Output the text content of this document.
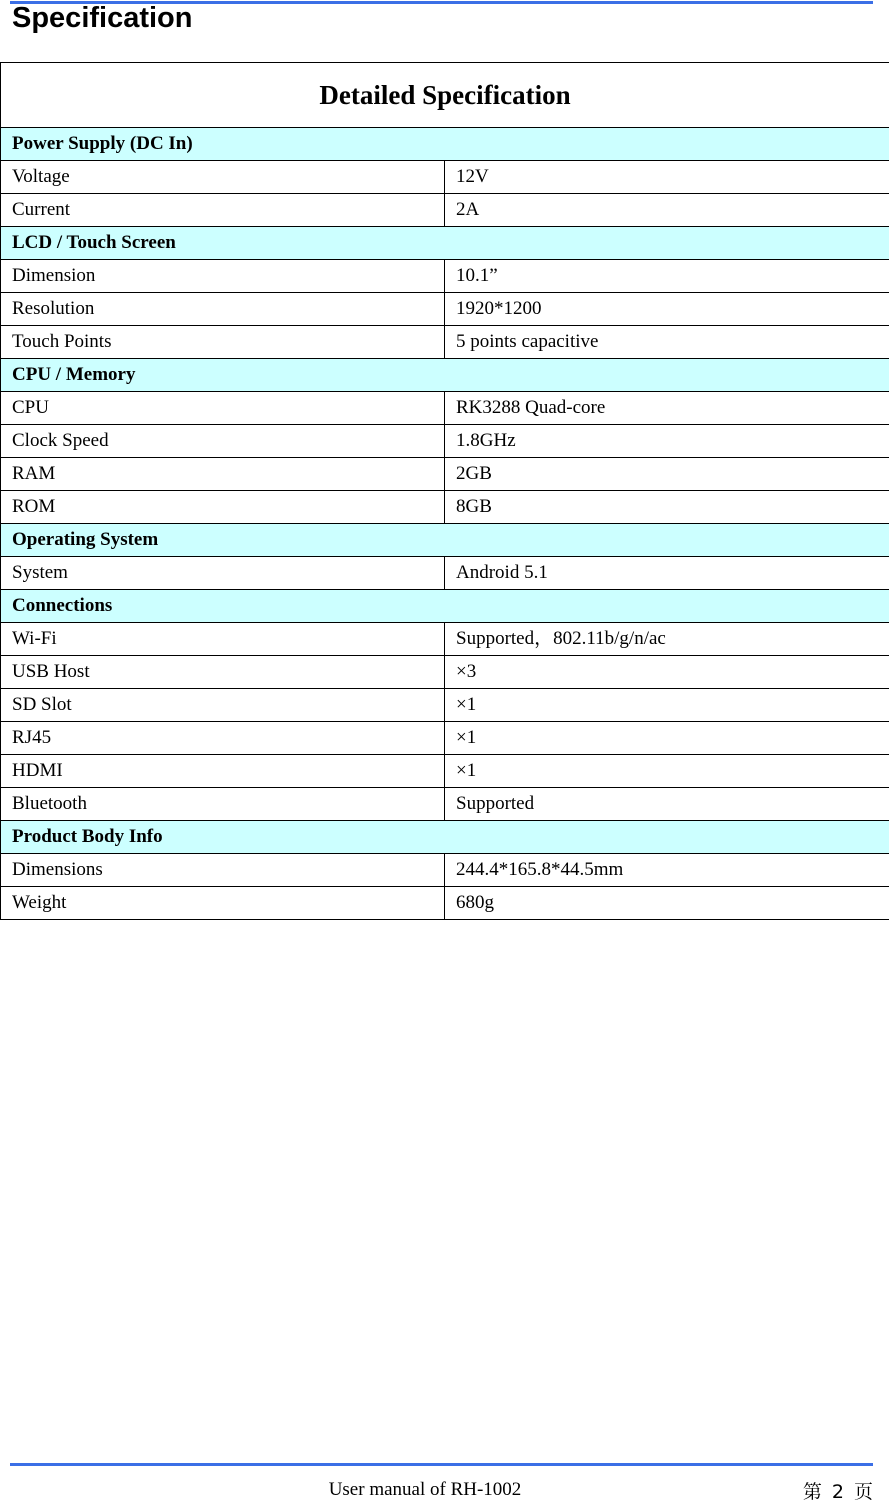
Specification
Detailed Specification	
Power Supply (DC In)	
Voltage	12V
Current	2A
LCD / Touch Screen	
Dimension	10.1”
Resolution	1920*1200
Touch Points	5 points capacitive
CPU / Memory	
CPU	RK3288 Quad-core
Clock Speed	1.8GHz
RAM	2GB
ROM	8GB
Operating System	
System	Android 5.1
Connections	
Wi-Fi	Supported，802.11b/g/n/ac
USB Host	×3
SD Slot	×1
RJ45	×1
HDMI	×1
Bluetooth	Supported
Product Body Info	
Dimensions	244.4*165.8*44.5mm
Weight	680g
User manual of RH-1002	第 2 页
